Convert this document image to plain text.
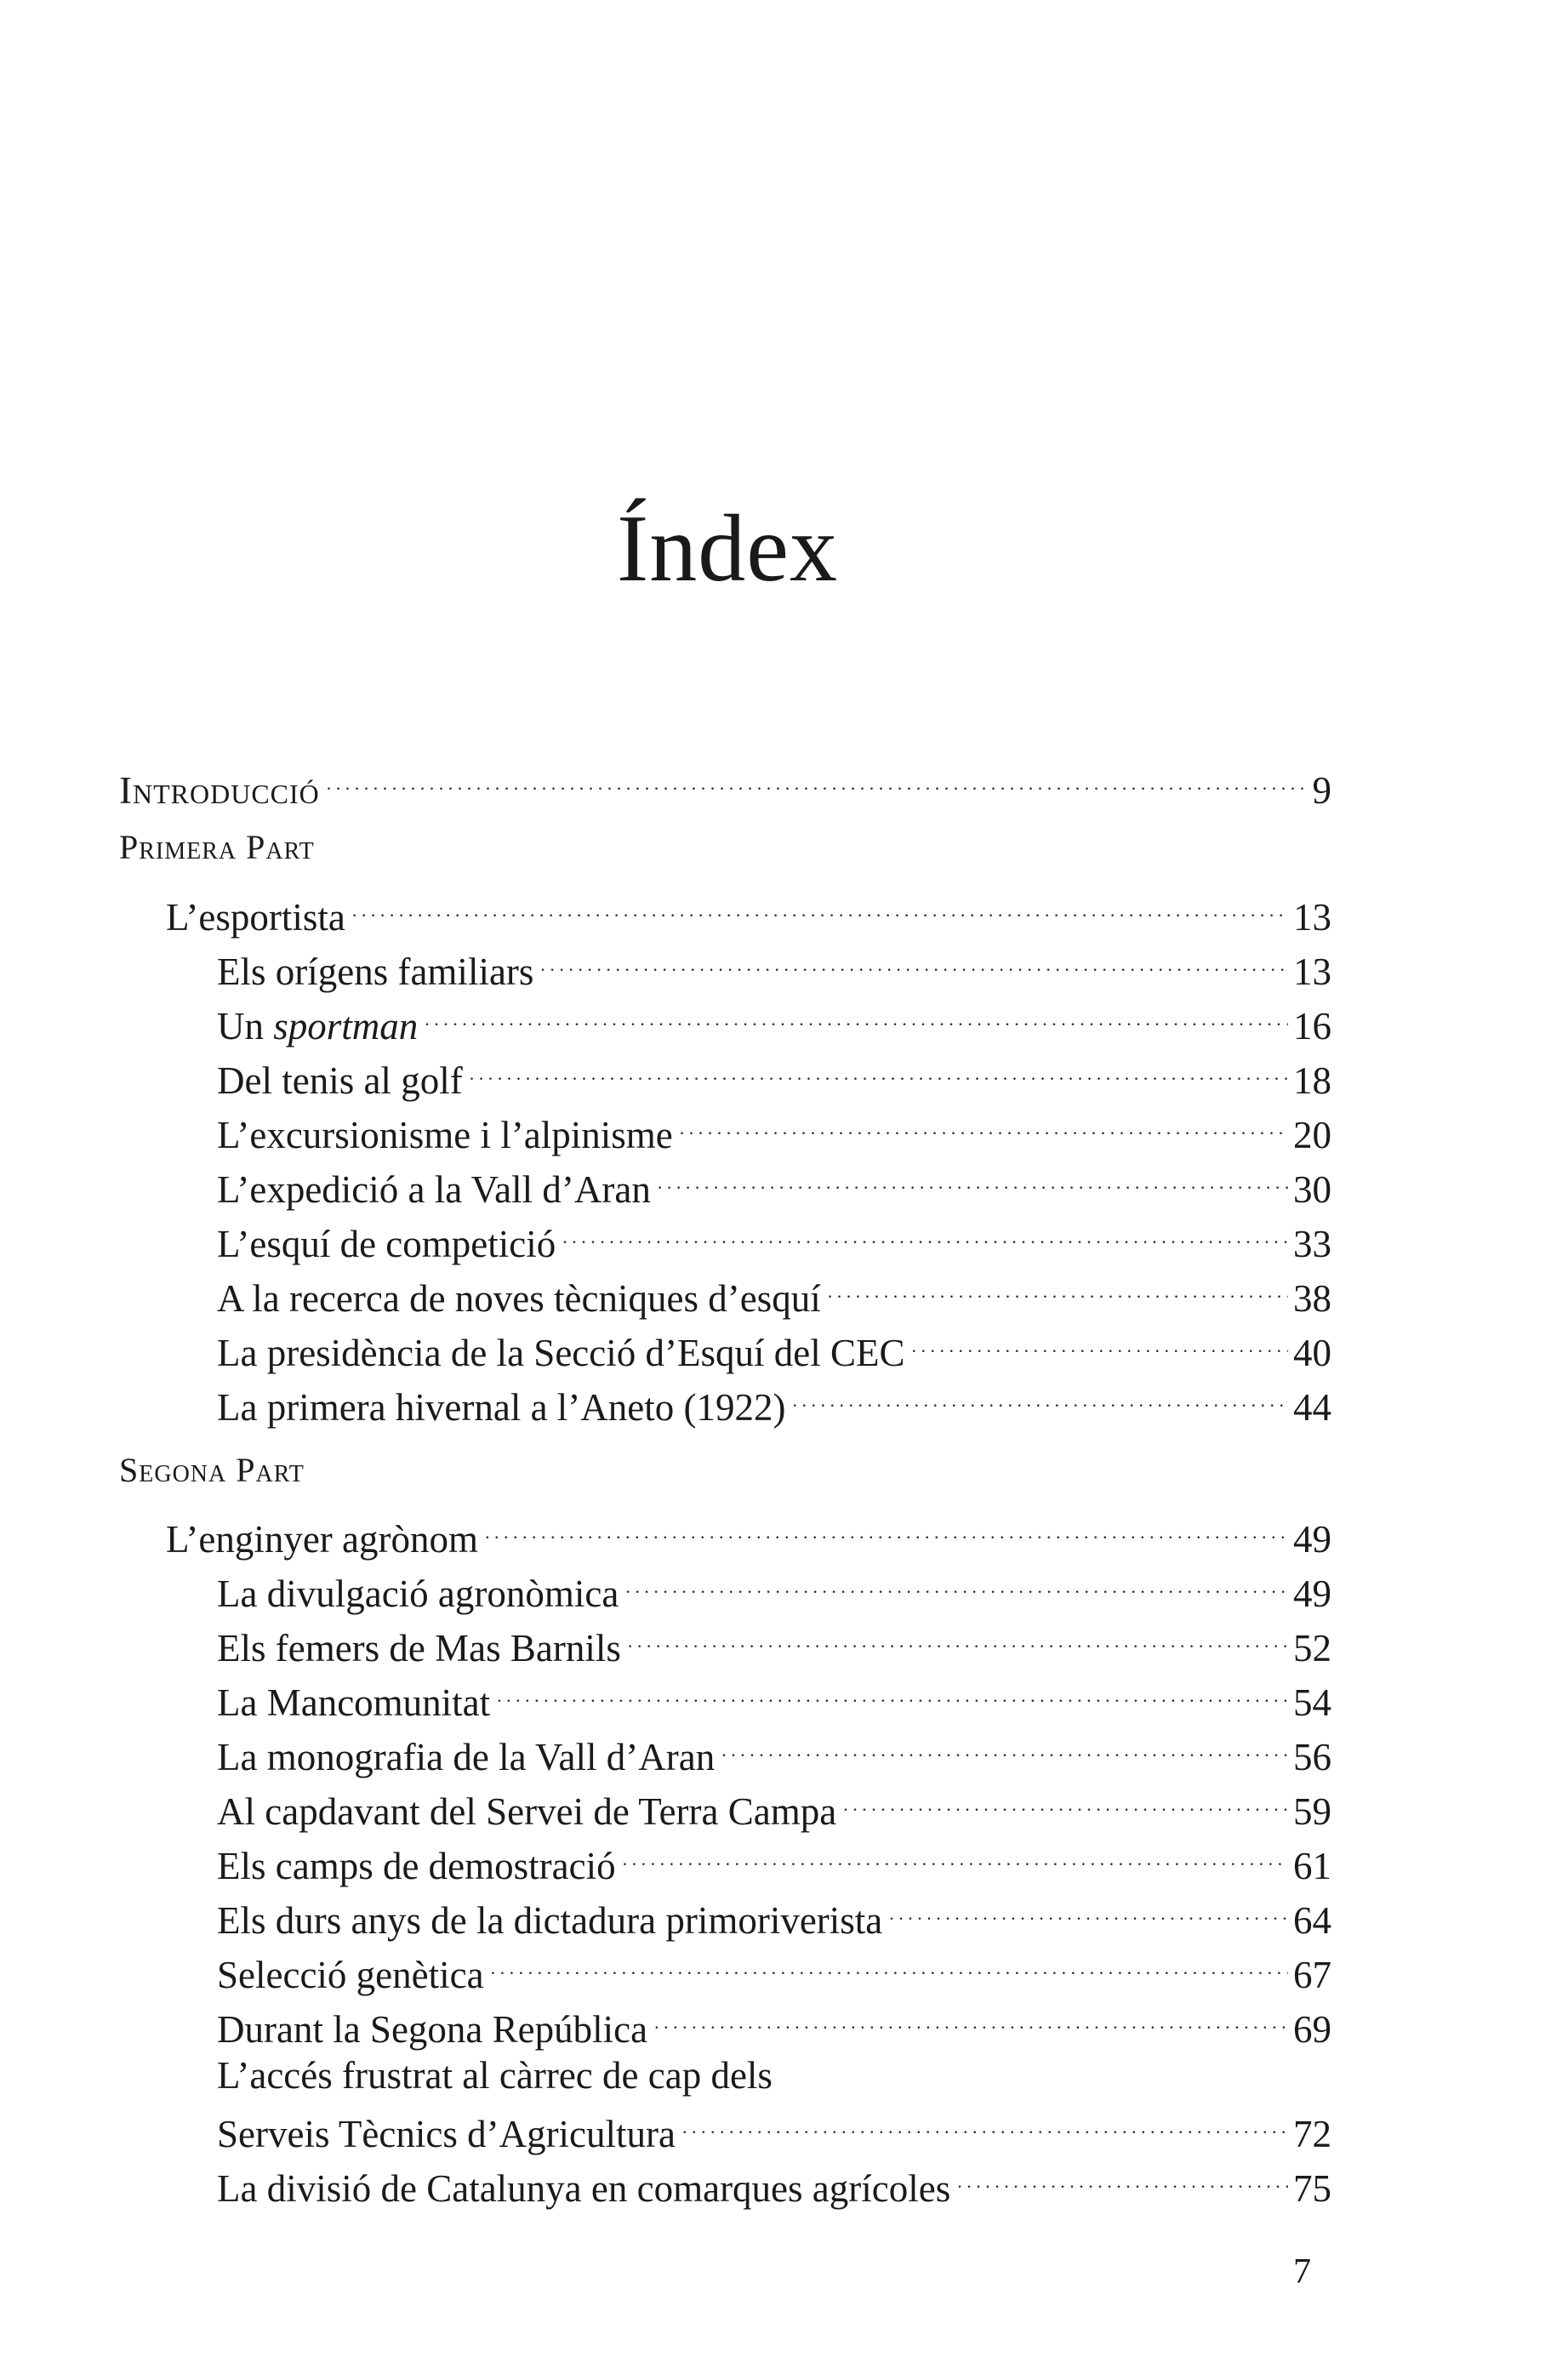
Índex
Introducció . . .	9
Primera Part
L’esportista . . .	13
Els orígens familiars . . .	13
Un sportman . . .	16
Del tenis al golf . . .	18
L’excursionisme i l’alpinisme . . .	20
L’expedició a la Vall d’Aran . . .	30
L’esquí de competició . . .	33
A la recerca de noves tècniques d’esquí . . .	38
La presidència de la Secció d’Esquí del CEC . . .	40
La primera hivernal a l’Aneto (1922) . . .	44
Segona Part
L’enginyer agrònom . . .	49
La divulgació agronòmica . . .	49
Els femers de Mas Barnils . . .	52
La Mancomunitat . . .	54
La monografia de la Vall d’Aran . . .	56
Al capdavant del Servei de Terra Campa . . .	59
Els camps de demostració . . .	61
Els durs anys de la dictadura primoriverista . . .	64
Selecció genètica . . .	67
Durant la Segona República . . .	69
L’accés frustrat al càrrec de cap dels
Serveis Tècnics d’Agricultura . . .	72
La divisió de Catalunya en comarques agrícoles . . .	75
7
